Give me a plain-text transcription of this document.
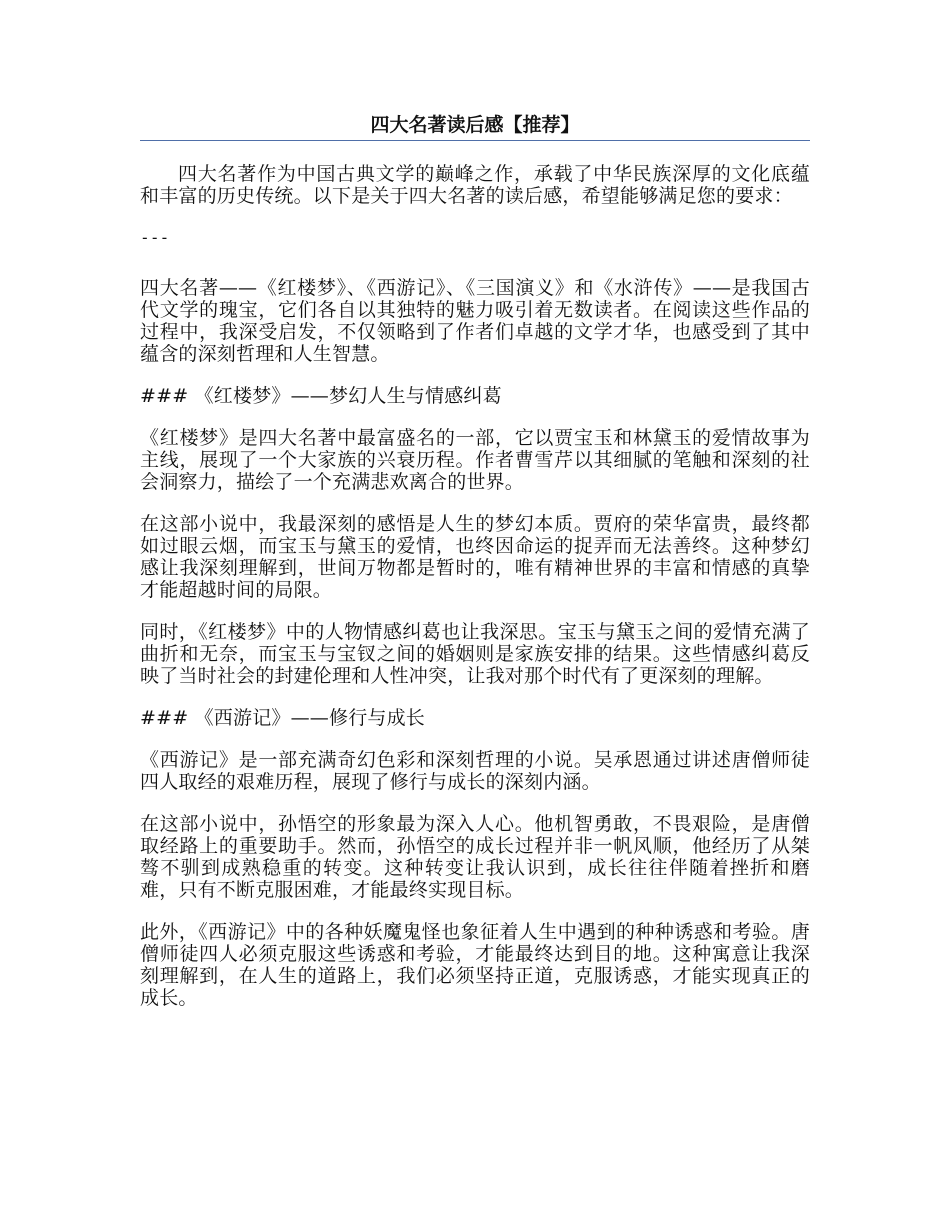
四大名著读后感【推荐】

四大名著作为中国古典文学的巅峰之作，承载了中华民族深厚的文化底蕴和丰富的历史传统。以下是关于四大名著的读后感，希望能够满足您的要求：

---

四大名著——《红楼梦》、《西游记》、《三国演义》和《水浒传》——是我国古代文学的瑰宝，它们各自以其独特的魅力吸引着无数读者。在阅读这些作品的过程中，我深受启发，不仅领略到了作者们卓越的文学才华，也感受到了其中蕴含的深刻哲理和人生智慧。

### 《红楼梦》——梦幻人生与情感纠葛

《红楼梦》是四大名著中最富盛名的一部，它以贾宝玉和林黛玉的爱情故事为主线，展现了一个大家族的兴衰历程。作者曹雪芹以其细腻的笔触和深刻的社会洞察力，描绘了一个充满悲欢离合的世界。

在这部小说中，我最深刻的感悟是人生的梦幻本质。贾府的荣华富贵，最终都如过眼云烟，而宝玉与黛玉的爱情，也终因命运的捉弄而无法善终。这种梦幻感让我深刻理解到，世间万物都是暂时的，唯有精神世界的丰富和情感的真挚才能超越时间的局限。

同时，《红楼梦》中的人物情感纠葛也让我深思。宝玉与黛玉之间的爱情充满了曲折和无奈，而宝玉与宝钗之间的婚姻则是家族安排的结果。这些情感纠葛反映了当时社会的封建伦理和人性冲突，让我对那个时代有了更深刻的理解。

### 《西游记》——修行与成长

《西游记》是一部充满奇幻色彩和深刻哲理的小说。吴承恩通过讲述唐僧师徒四人取经的艰难历程，展现了修行与成长的深刻内涵。

在这部小说中，孙悟空的形象最为深入人心。他机智勇敢，不畏艰险，是唐僧取经路上的重要助手。然而，孙悟空的成长过程并非一帆风顺，他经历了从桀骜不驯到成熟稳重的转变。这种转变让我认识到，成长往往伴随着挫折和磨难，只有不断克服困难，才能最终实现目标。

此外，《西游记》中的各种妖魔鬼怪也象征着人生中遇到的种种诱惑和考验。唐僧师徒四人必须克服这些诱惑和考验，才能最终达到目的地。这种寓意让我深刻理解到，在人生的道路上，我们必须坚持正道，克服诱惑，才能实现真正的成长。
